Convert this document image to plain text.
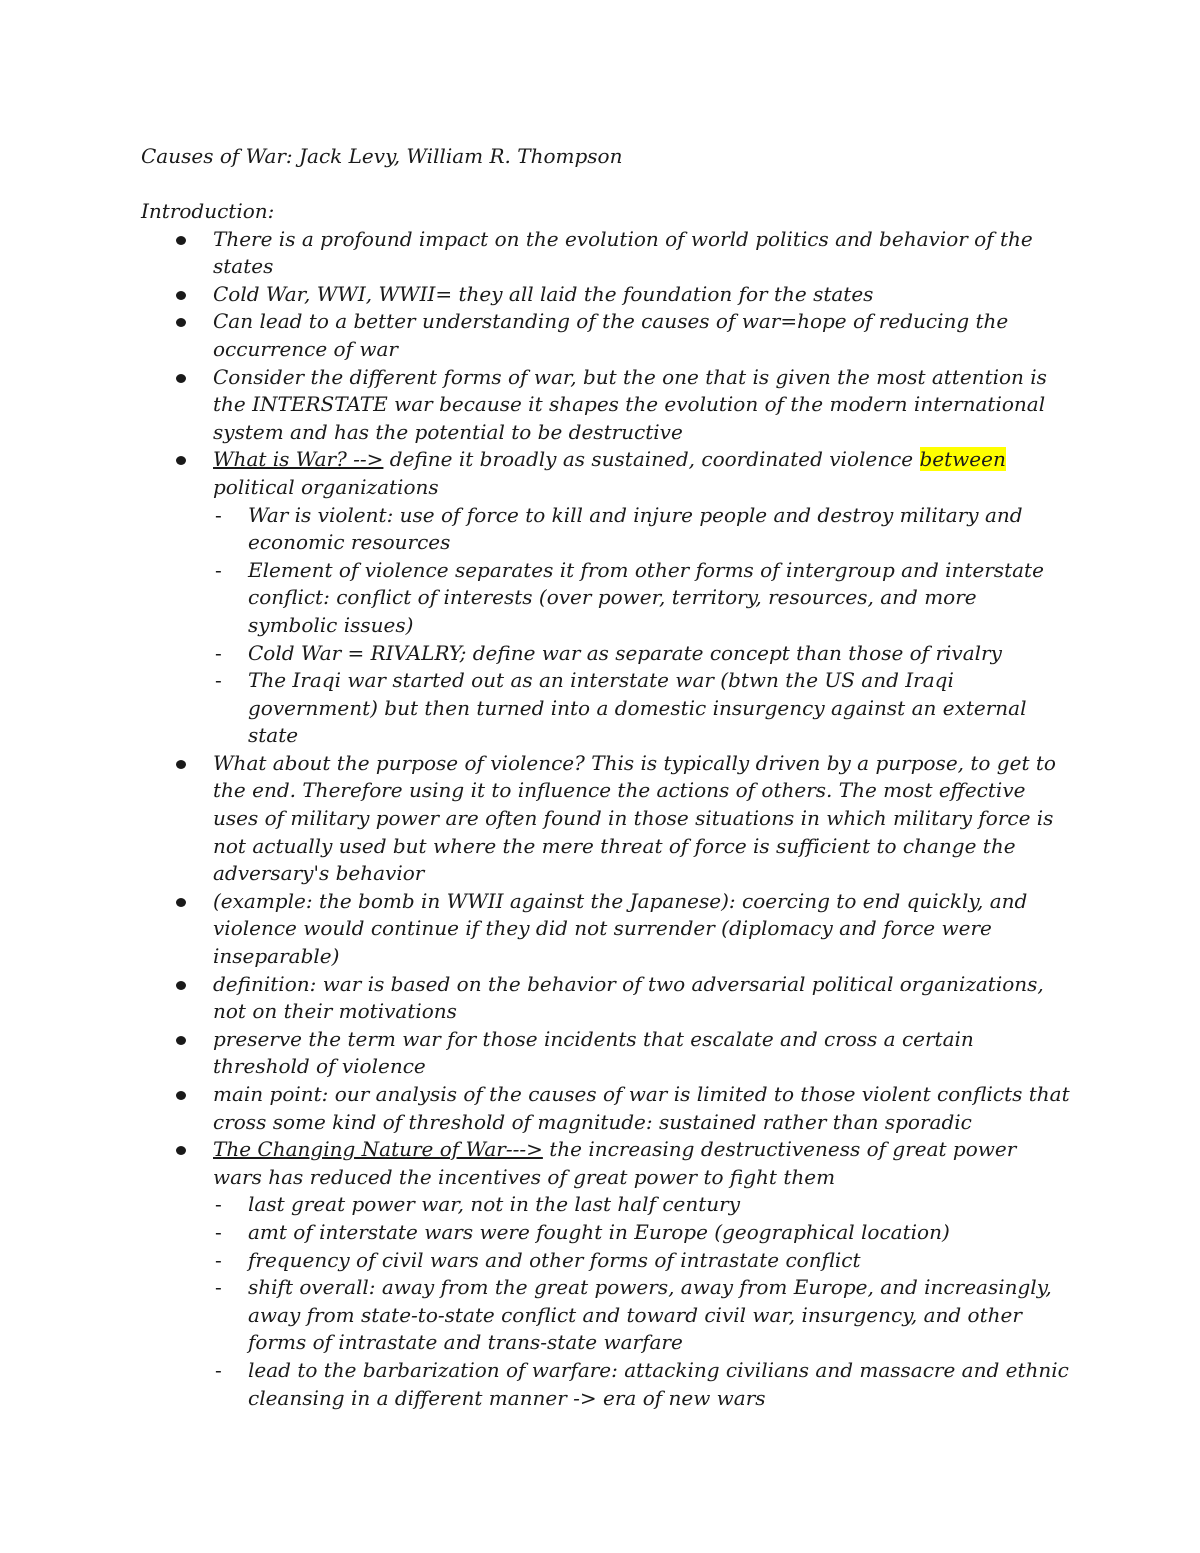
Causes of War: Jack Levy, William R. Thompson

Introduction:

There is a profound impact on the evolution of world politics and behavior of the states
Cold War, WWI, WWII= they all laid the foundation for the states
Can lead to a better understanding of the causes of war=hope of reducing the occurrence of war
Consider the different forms of war, but the one that is given the most attention is the INTERSTATE war because it shapes the evolution of the modern international system and has the potential to be destructive
What is War? --> define it broadly as sustained, coordinated violence between political organizations
- War is violent: use of force to kill and injure people and destroy military and economic resources
- Element of violence separates it from other forms of intergroup and interstate conflict: conflict of interests (over power, territory, resources, and more symbolic issues)
- Cold War = RIVALRY; define war as separate concept than those of rivalry
- The Iraqi war started out as an interstate war (btwn the US and Iraqi government) but then turned into a domestic insurgency against an external state
What about the purpose of violence? This is typically driven by a purpose, to get to the end. Therefore using it to influence the actions of others. The most effective uses of military power are often found in those situations in which military force is not actually used but where the mere threat of force is sufficient to change the adversary's behavior
(example: the bomb in WWII against the Japanese): coercing to end quickly, and violence would continue if they did not surrender (diplomacy and force were inseparable)
definition: war is based on the behavior of two adversarial political organizations, not on their motivations
preserve the term war for those incidents that escalate and cross a certain threshold of violence
main point: our analysis of the causes of war is limited to those violent conflicts that cross some kind of threshold of magnitude: sustained rather than sporadic
The Changing Nature of War---> the increasing destructiveness of great power wars has reduced the incentives of great power to fight them
- last great power war, not in the last half century
- amt of interstate wars were fought in Europe (geographical location)
- frequency of civil wars and other forms of intrastate conflict
- shift overall: away from the great powers, away from Europe, and increasingly, away from state-to-state conflict and toward civil war, insurgency, and other forms of intrastate and trans-state warfare
- lead to the barbarization of warfare: attacking civilians and massacre and ethnic cleansing in a different manner -> era of new wars
